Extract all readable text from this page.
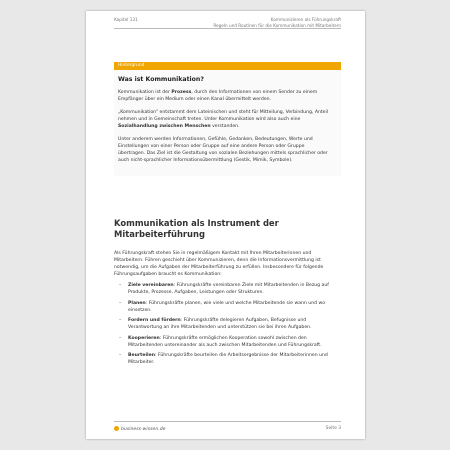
Kapitel 131	Kommunizieren als Führungskraft
Regeln und Routinen für die Kommunikation mit Mitarbeitern
Hintergrund
Was ist Kommunikation?

Kommunikation ist der Prozess, durch den Informationen von einem Sender zu einem Empfänger über ein Medium oder einen Kanal übermittelt werden.

„Kommunikation“ entstammt dem Lateinischen und steht für Mitteilung, Verbindung, Anteil nehmen und in Gemeinschaft treten. Unter Kommunikation wird also auch eine Sozialhandlung zwischen Menschen verstanden.

Unter anderem werden Informationen, Gefühle, Gedanken, Bedeutungen, Werte und Einstellungen von einer Person oder Gruppe auf eine andere Person oder Gruppe übertragen. Das Ziel ist die Gestaltung von sozialen Beziehungen mittels sprachlicher oder auch nicht-sprachlicher Informationsübermittlung (Gestik, Mimik, Symbole).

Kommunikation als Instrument der Mitarbeiterführung

Als Führungskraft stehen Sie in regelmäßigem Kontakt mit Ihren Mitarbeiterinnen und Mitarbeitern. Führen geschieht über Kommunizieren, denn die Informationsvermittlung ist notwendig, um die Aufgaben der Mitarbeiterführung zu erfüllen. Insbesondere für folgende Führungsaufgaben braucht es Kommunikation:

– Ziele vereinbaren: Führungskräfte vereinbaren Ziele mit Mitarbeitenden in Bezug auf Produkte, Prozesse, Aufgaben, Leistungen oder Strukturen.
– Planen: Führungskräfte planen, wie viele und welche Mitarbeitende sie wann und wo einsetzen.
– Fordern und fördern: Führungskräfte delegieren Aufgaben, Befugnisse und Verantwortung an ihre Mitarbeitenden und unterstützen sie bei ihren Aufgaben.
– Kooperieren: Führungskräfte ermöglichen Kooperation sowohl zwischen den Mitarbeitenden untereinander als auch zwischen Mitarbeitenden und Führungskraft.
– Beurteilen: Führungskräfte beurteilen die Arbeitsergebnisse der Mitarbeiterinnen und Mitarbeiter.
business-wissen.de	Seite 3
